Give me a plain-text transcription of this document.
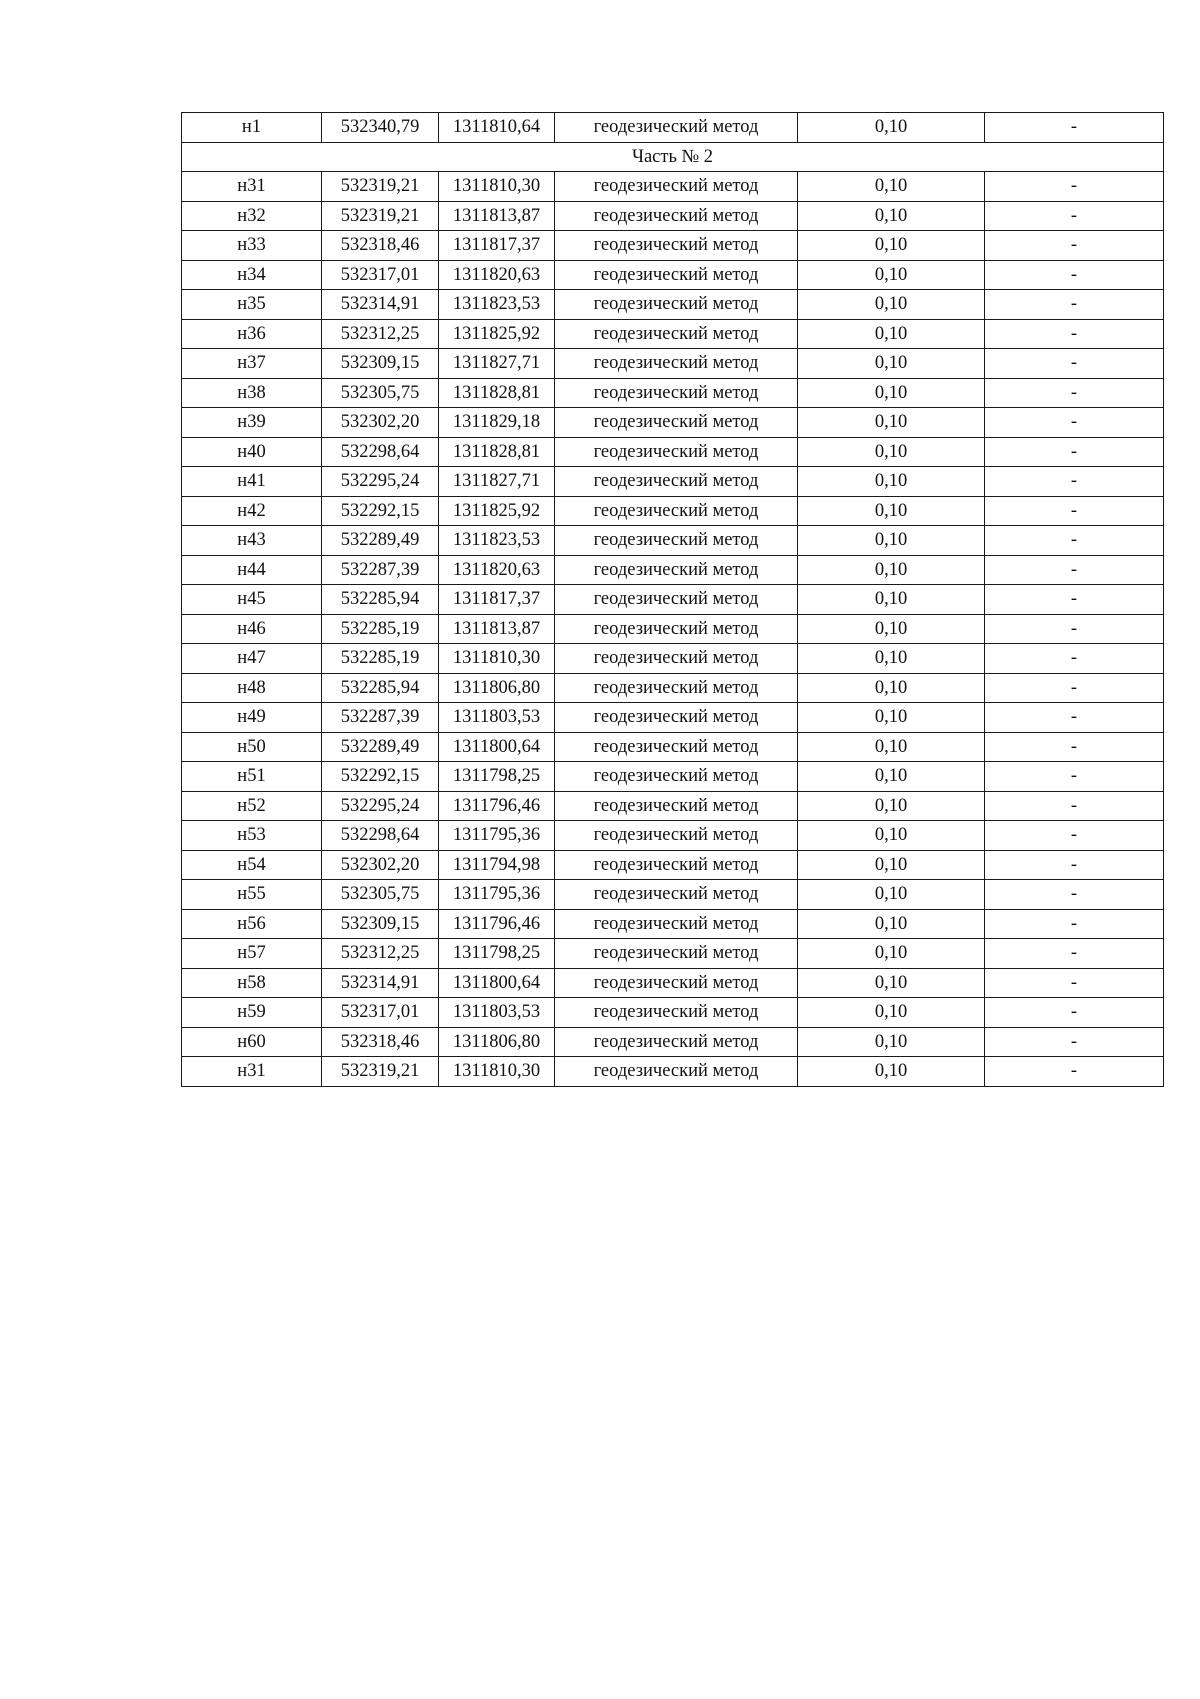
н1	532340,79	1311810,64	геодезический метод	0,10	-
Часть № 2					
н31	532319,21	1311810,30	геодезический метод	0,10	-
н32	532319,21	1311813,87	геодезический метод	0,10	-
н33	532318,46	1311817,37	геодезический метод	0,10	-
н34	532317,01	1311820,63	геодезический метод	0,10	-
н35	532314,91	1311823,53	геодезический метод	0,10	-
н36	532312,25	1311825,92	геодезический метод	0,10	-
н37	532309,15	1311827,71	геодезический метод	0,10	-
н38	532305,75	1311828,81	геодезический метод	0,10	-
н39	532302,20	1311829,18	геодезический метод	0,10	-
н40	532298,64	1311828,81	геодезический метод	0,10	-
н41	532295,24	1311827,71	геодезический метод	0,10	-
н42	532292,15	1311825,92	геодезический метод	0,10	-
н43	532289,49	1311823,53	геодезический метод	0,10	-
н44	532287,39	1311820,63	геодезический метод	0,10	-
н45	532285,94	1311817,37	геодезический метод	0,10	-
н46	532285,19	1311813,87	геодезический метод	0,10	-
н47	532285,19	1311810,30	геодезический метод	0,10	-
н48	532285,94	1311806,80	геодезический метод	0,10	-
н49	532287,39	1311803,53	геодезический метод	0,10	-
н50	532289,49	1311800,64	геодезический метод	0,10	-
н51	532292,15	1311798,25	геодезический метод	0,10	-
н52	532295,24	1311796,46	геодезический метод	0,10	-
н53	532298,64	1311795,36	геодезический метод	0,10	-
н54	532302,20	1311794,98	геодезический метод	0,10	-
н55	532305,75	1311795,36	геодезический метод	0,10	-
н56	532309,15	1311796,46	геодезический метод	0,10	-
н57	532312,25	1311798,25	геодезический метод	0,10	-
н58	532314,91	1311800,64	геодезический метод	0,10	-
н59	532317,01	1311803,53	геодезический метод	0,10	-
н60	532318,46	1311806,80	геодезический метод	0,10	-
н31	532319,21	1311810,30	геодезический метод	0,10	-
